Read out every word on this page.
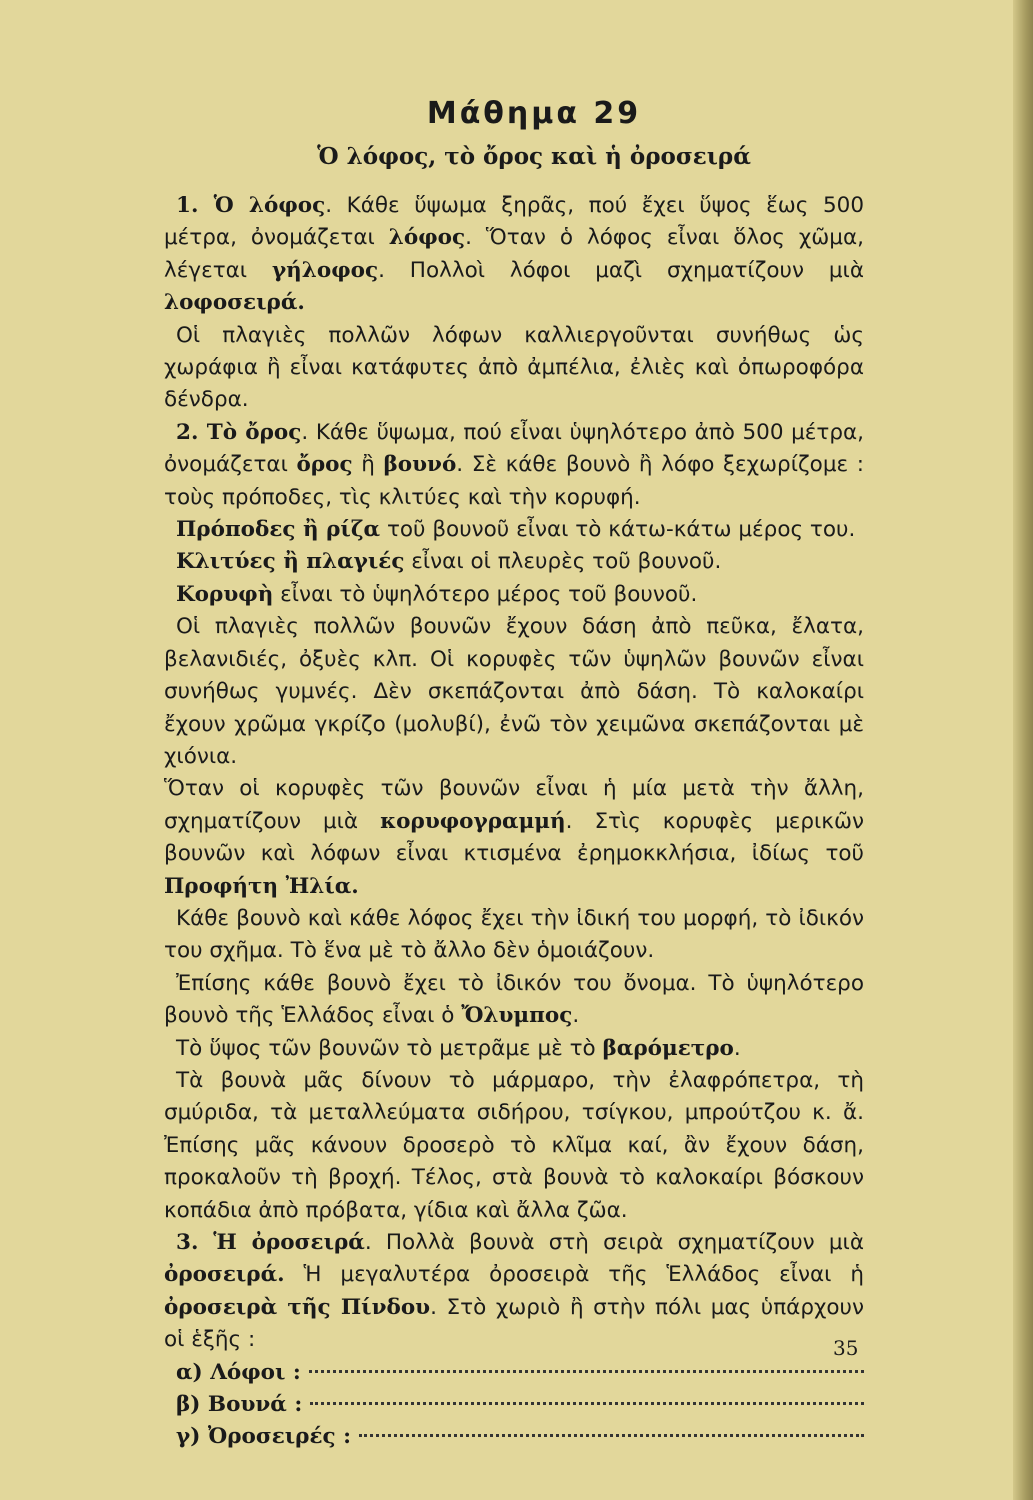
Μάθημα 29
Ὁ λόφος, τὸ ὄρος καὶ ἡ ὀροσειρά

1. Ὁ λόφος. Κάθε ὕψωμα ξηρᾶς, πού ἔχει ὕψος ἕως 500 μέτρα, ὀνομάζεται λόφος. Ὅταν ὁ λόφος εἶναι ὅλος χῶμα, λέγεται γήλοφος. Πολλοὶ λόφοι μαζὶ σχηματίζουν μιὰ λοφοσειρά.

Οἱ πλαγιὲς πολλῶν λόφων καλλιεργοῦνται συνήθως ὡς χωράφια ἢ εἶναι κατάφυτες ἀπὸ ἀμπέλια, ἐλιὲς καὶ ὀπωροφόρα δένδρα.

2. Τὸ ὄρος. Κάθε ὕψωμα, πού εἶναι ὑψηλότερο ἀπὸ 500 μέτρα, ὀνομάζεται ὄρος ἢ βουνό. Σὲ κάθε βουνὸ ἢ λόφο ξεχωρίζομε : τοὺς πρόποδες, τὶς κλιτύες καὶ τὴν κορυφή.

Πρόποδες ἢ ρίζα τοῦ βουνοῦ εἶναι τὸ κάτω-κάτω μέρος του.

Κλιτύες ἢ πλαγιές εἶναι οἱ πλευρὲς τοῦ βουνοῦ.

Κορυφὴ εἶναι τὸ ὑψηλότερο μέρος τοῦ βουνοῦ.

Οἱ πλαγιὲς πολλῶν βουνῶν ἔχουν δάση ἀπὸ πεῦκα, ἔλατα, βελανιδιές, ὀξυὲς κλπ. Οἱ κορυφὲς τῶν ὑψηλῶν βουνῶν εἶναι συνήθως γυμνές. Δὲν σκεπάζονται ἀπὸ δάση. Τὸ καλοκαίρι ἔχουν χρῶμα γκρίζο (μολυβί), ἐνῶ τὸν χειμῶνα σκεπάζονται μὲ χιόνια.

Ὅταν οἱ κορυφὲς τῶν βουνῶν εἶναι ἡ μία μετὰ τὴν ἄλλη, σχηματίζουν μιὰ κορυφογραμμή. Στὶς κορυφὲς μερικῶν βουνῶν καὶ λόφων εἶναι κτισμένα ἐρημοκκλήσια, ἰδίως τοῦ Προφήτη Ἠλία.

Κάθε βουνὸ καὶ κάθε λόφος ἔχει τὴν ἰδική του μορφή, τὸ ἰδικόν του σχῆμα. Τὸ ἕνα μὲ τὸ ἄλλο δὲν ὁμοιάζουν.

Ἐπίσης κάθε βουνὸ ἔχει τὸ ἰδικόν του ὄνομα. Τὸ ὑψηλότερο βουνὸ τῆς Ἑλλάδος εἶναι ὁ Ὄλυμπος.

Τὸ ὕψος τῶν βουνῶν τὸ μετρᾶμε μὲ τὸ βαρόμετρο.

Τὰ βουνὰ μᾶς δίνουν τὸ μάρμαρο, τὴν ἐλαφρόπετρα, τὴ σμύριδα, τὰ μεταλλεύματα σιδήρου, τσίγκου, μπρούτζου κ. ἄ. Ἐπίσης μᾶς κάνουν δροσερὸ τὸ κλῖμα καί, ἂν ἔχουν δάση, προκαλοῦν τὴ βροχή. Τέλος, στὰ βουνὰ τὸ καλοκαίρι βόσκουν κοπάδια ἀπὸ πρόβατα, γίδια καὶ ἄλλα ζῶα.

3. Ἡ ὀροσειρά. Πολλὰ βουνὰ στὴ σειρὰ σχηματίζουν μιὰ ὀροσειρά. Ἡ μεγαλυτέρα ὀροσειρὰ τῆς Ἑλλάδος εἶναι ἡ ὀροσειρὰ τῆς Πίνδου. Στὸ χωριὸ ἢ στὴν πόλι μας ὑπάρχουν οἱ ἑξῆς :

α) Λόφοι :
β) Βουνά :
γ) Ὀροσειρές :
35
